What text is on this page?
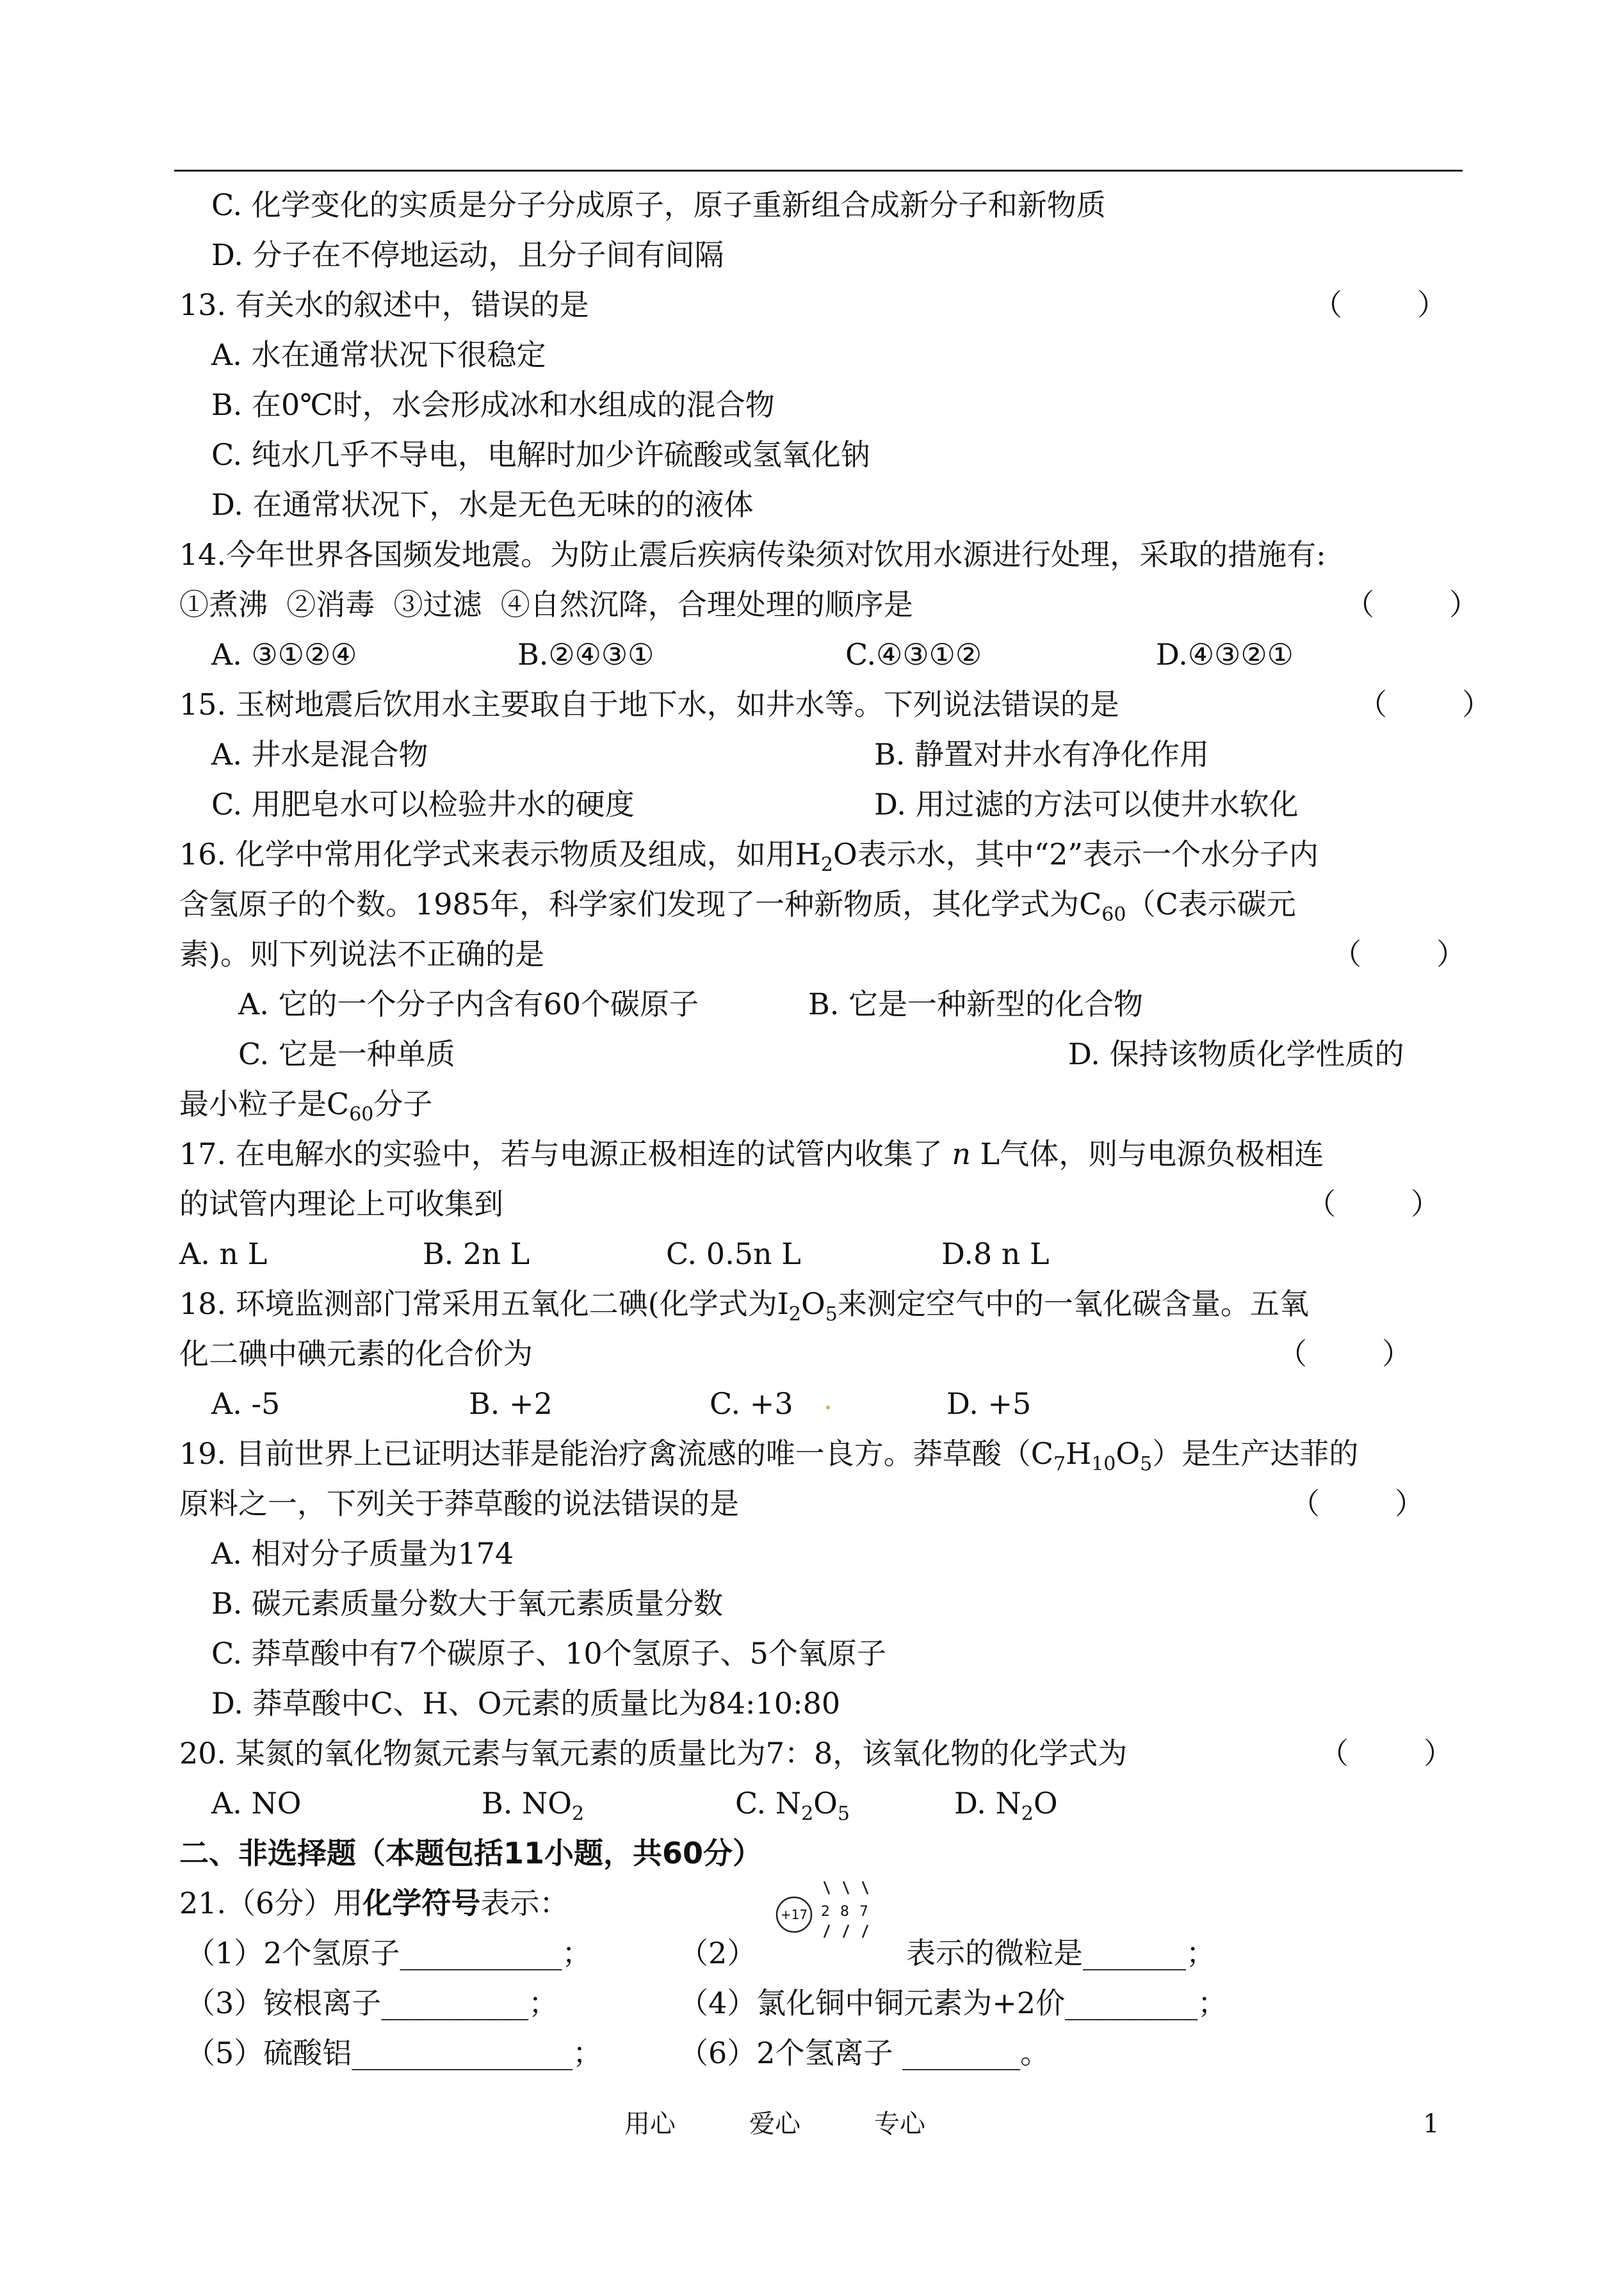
C. 化学变化的实质是分子分成原子，原子重新组合成新分子和新物质
D. 分子在不停地运动，且分子间有间隔
13. 有关水的叙述中，错误的是	（        ）
A. 水在通常状况下很稳定
B. 在0℃时，水会形成冰和水组成的混合物
C. 纯水几乎不导电，电解时加少许硫酸或氢氧化钠
D. 在通常状况下，水是无色无味的的液体
14.今年世界各国频发地震。为防止震后疾病传染须对饮用水源进行处理，采取的措施有:
①煮沸  ②消毒  ③过滤  ④自然沉降，合理处理的顺序是	（        ）
A. ③①②④	B.②④③①	C.④③①②	D.④③②①
15. 玉树地震后饮用水主要取自于地下水，如井水等。下列说法错误的是	（        ）
A. 井水是混合物	B. 静置对井水有净化作用
C. 用肥皂水可以检验井水的硬度	D. 用过滤的方法可以使井水软化
16. 化学中常用化学式来表示物质及组成，如用$H_2O$表示水，其中“2”表示一个水分子内
含氢原子的个数。1985年，科学家们发现了一种新物质，其化学式为$C_{60}(C$表示碳元
素)。则下列说法不正确的是	（        ）
A. 它的一个分子内含有60个碳原子	B. 它是一种新型的化合物
C. 它是一种单质	D. 保持该物质化学性质的
最小粒子是$C_{60}$分子
17. 在电解水的实验中，若与电源正极相连的试管内收集了 n L气体，则与电源负极相连
的试管内理论上可收集到	（        ）
A. n L	B. 2n L	C. 0.5n L	D.8 n L
18. 环境监测部门常采用五氧化二碘(化学式为$I_2O_5$来测定空气中的一氧化碳含量。五氧
化二碘中碘元素的化合价为	（        ）
A. -5	B. +2	C. +3	D. +5
19. 目前世界上已证明达菲是能治疗禽流感的唯一良方。莽草酸$(C_7H_{10}O_5)$是生产达菲的
原料之一，下列关于莽草酸的说法错误的是	（        ）
A. 相对分子质量为174
B. 碳元素质量分数大于氧元素质量分数
C. 莽草酸中有7个碳原子、10个氢原子、5个氧原子
D. 莽草酸中C、H、O元素的质量比为84:10:80
20. 某氮的氧化物氮元素与氧元素的质量比为7：8，该氧化物的化学式为	（        ）
A. NO	B. $NO_2$	C. $N_2O_5$	D. $N_2O$
二、非选择题（本题包括11小题，共60分）
21.（6分）用化学符号表示：
（1）2个氢原子___________；	（2）
+17 2 8 7
表示的微粒是_______；
（3）铵根离子__________；	（4）氯化铜中铜元素为+2价_________；
（5）硫酸铝_______________；	（6）2个氢离子 ________。
用心	爱心	专心	1
